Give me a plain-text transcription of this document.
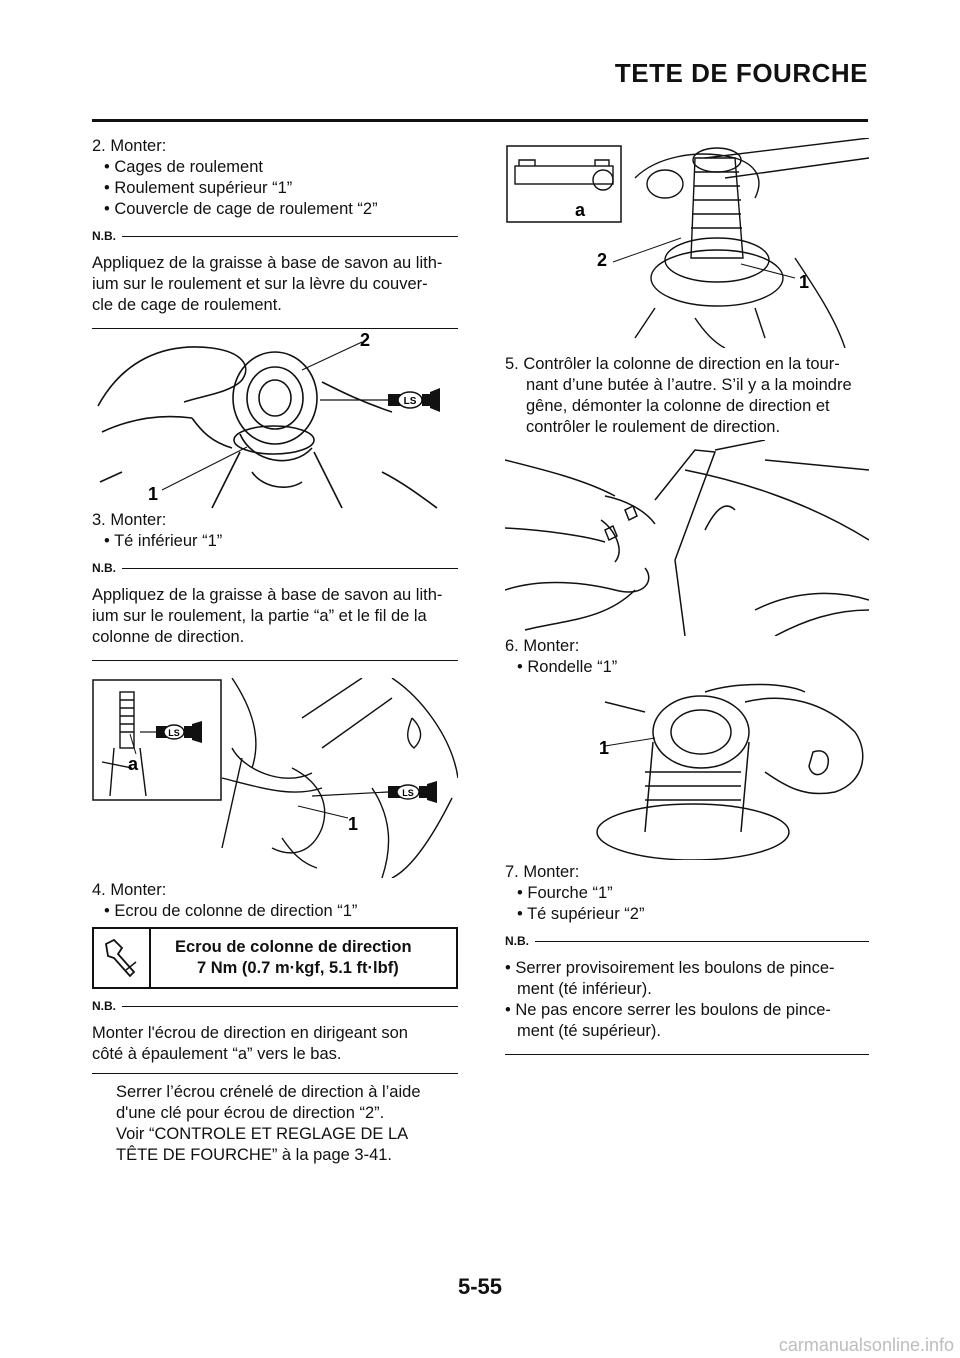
TETE DE FOURCHE

2. Monter:

• Cages de roulement

• Roulement supérieur “1”

• Couvercle de cage de roulement “2”

N.B.
Appliquez de la graisse à base de savon au lith-
ium sur le roulement et sur la lèvre du couver-
cle de cage de roulement.
LS
2
1

3. Monter:

• Té inférieur “1”

N.B.
Appliquez de la graisse à base de savon au lith-
ium sur le roulement, la partie “a” et le fil de la
colonne de direction.
LS
LS
a
1

4. Monter:

• Ecrou de colonne de direction “1”

Ecrou de colonne de direction
7 Nm (0.7 m·kgf, 5.1 ft·lbf)
N.B.
Monter l'écrou de direction en dirigeant son
côté à épaulement “a” vers le bas.
Serrer l’écrou crénelé de direction à l’aide
d'une clé pour écrou de direction “2”.
Voir “CONTROLE ET REGLAGE DE LA
TÊTE DE FOURCHE” à la page 3-41.
2
1
a
5. Contrôler la colonne de direction en la tour-
nant d’une butée à l’autre. S’il y a la moindre
gêne, démonter la colonne de direction et
contrôler le roulement de direction.

6. Monter:

• Rondelle “1”

1

7. Monter:

• Fourche “1”

• Té supérieur “2”

N.B.
• Serrer provisoirement les boulons de pince-
ment (té inférieur).
• Ne pas encore serrer les boulons de pince-
ment (té supérieur).
5-55
carmanualsonline.info
